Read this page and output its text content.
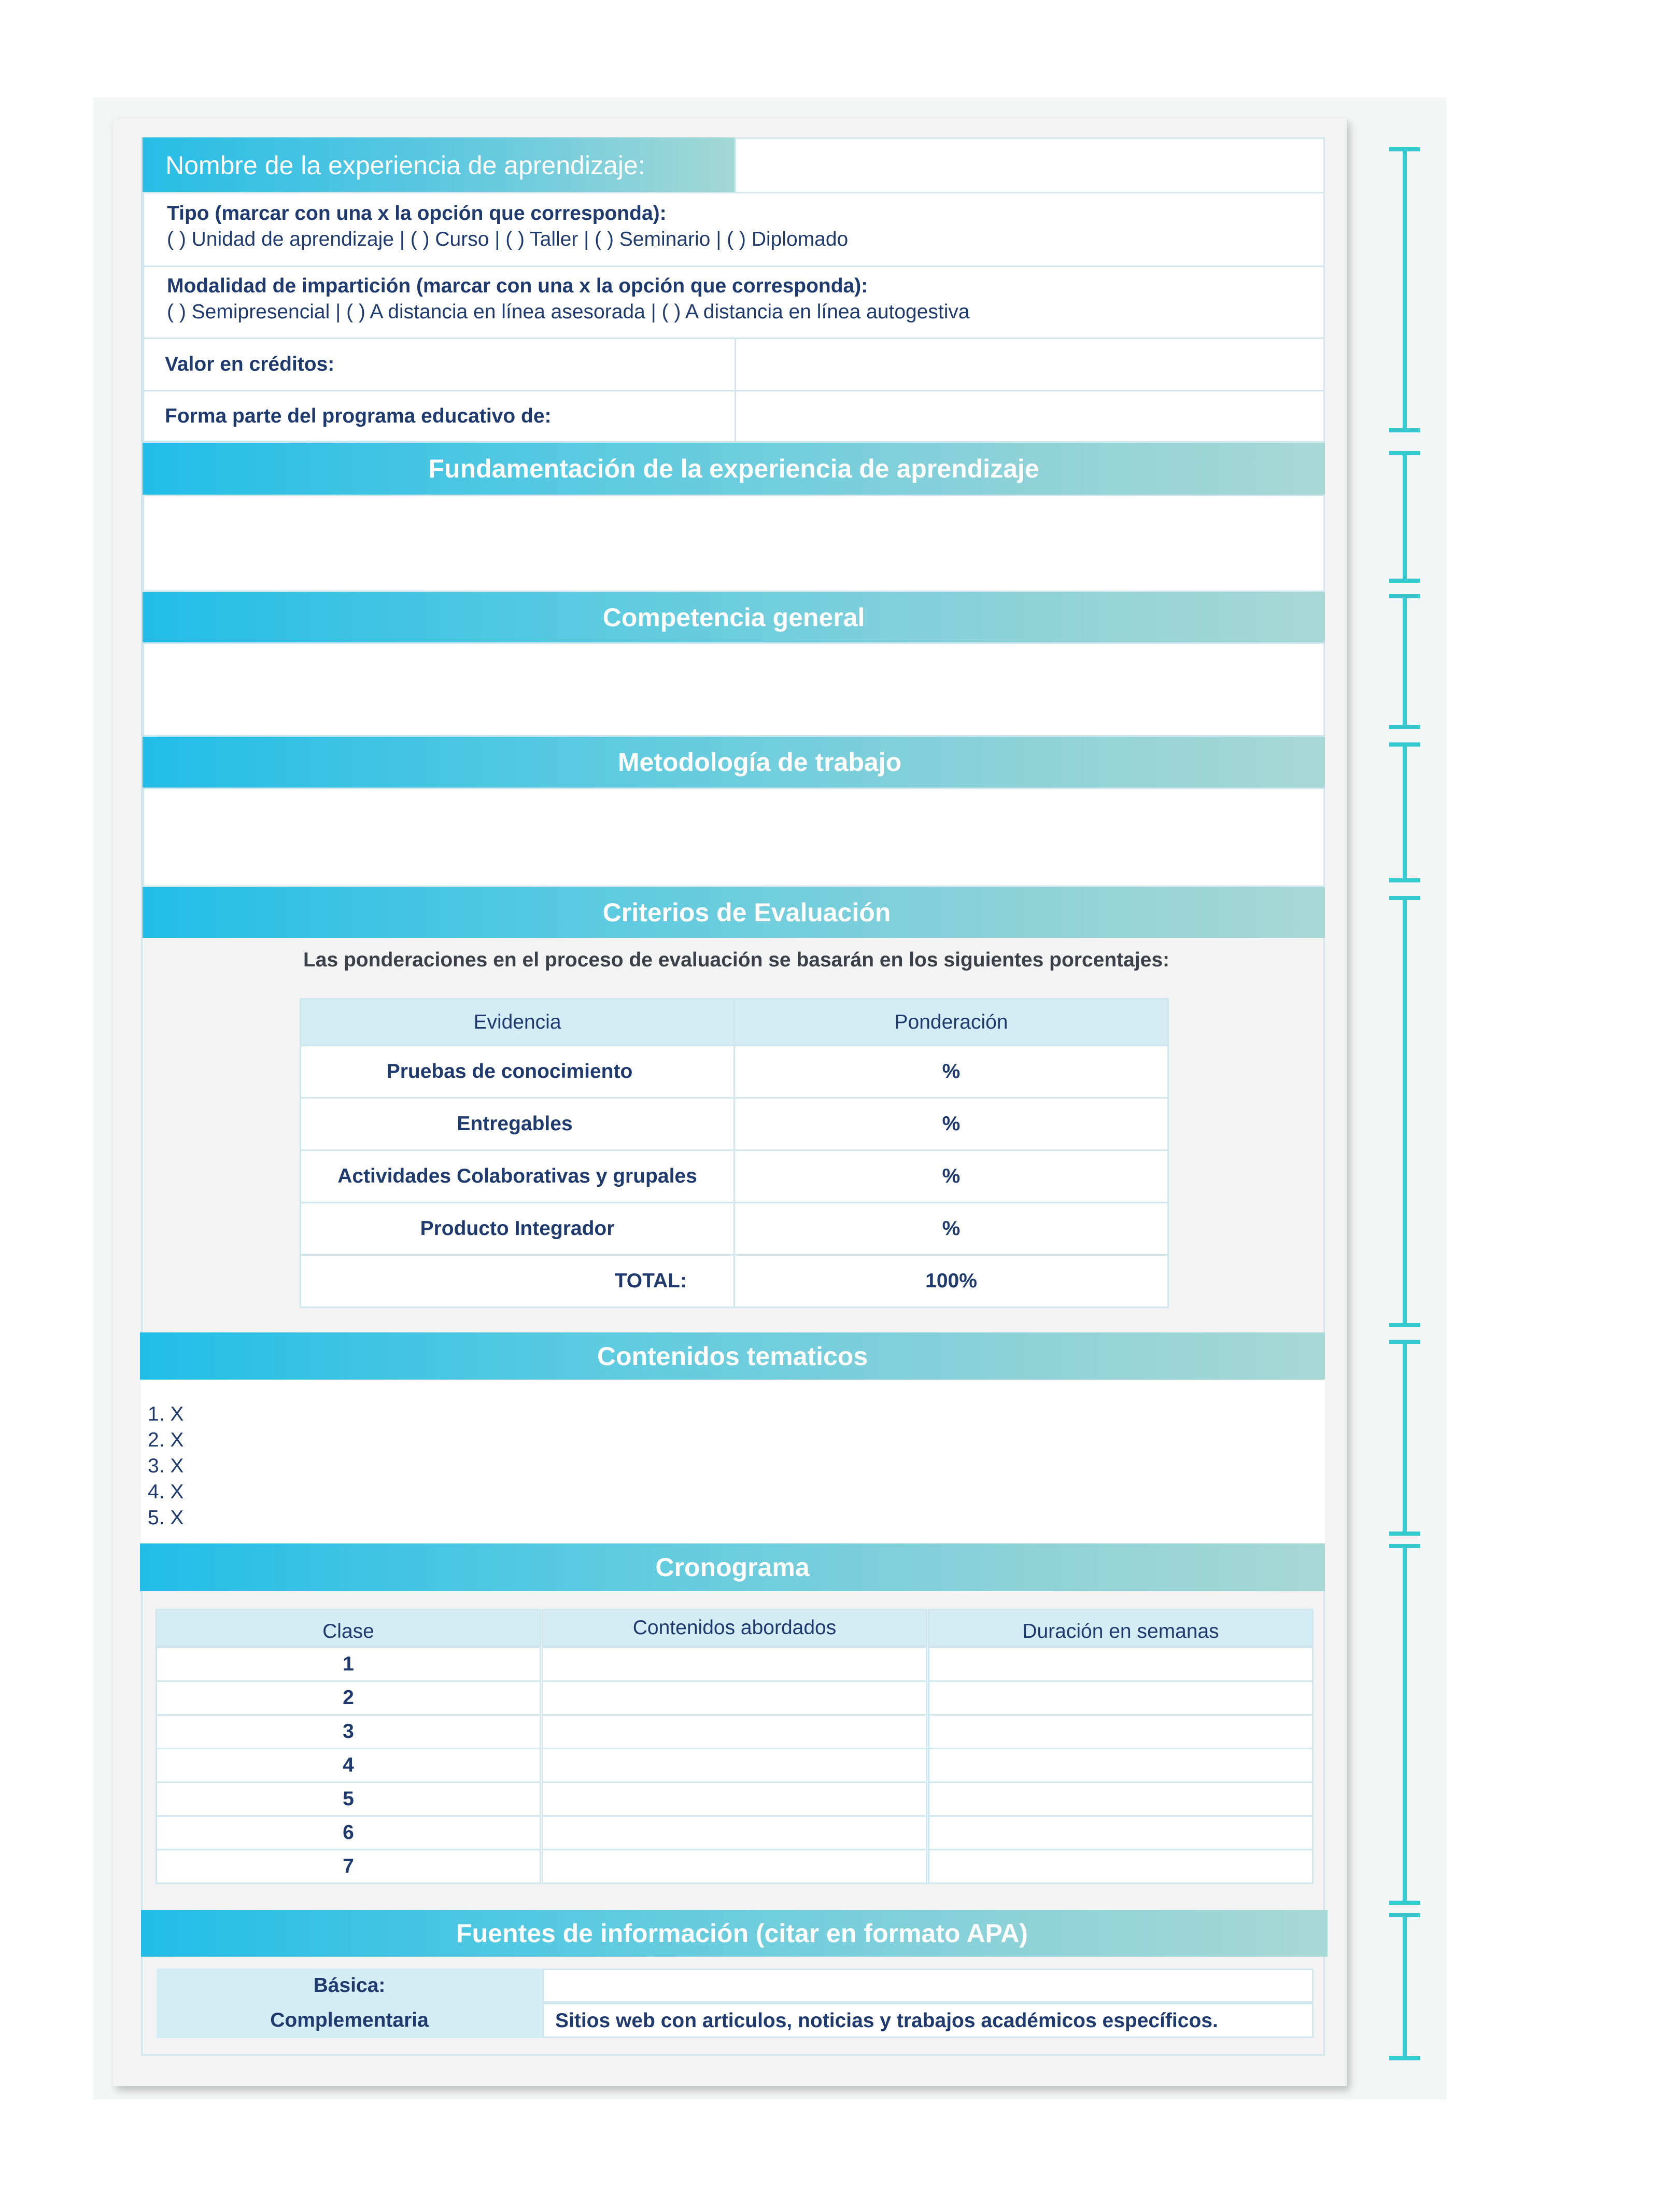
Nombre de la experiencia de aprendizaje:
Tipo (marcar con una x la opción que corresponda):
( ) Unidad de aprendizaje | ( ) Curso | ( ) Taller | ( ) Seminario | ( ) Diplomado
Modalidad de impartición (marcar con una x la opción que corresponda):
( ) Semipresencial | ( ) A distancia en línea asesorada | ( ) A distancia en línea autogestiva
Valor en créditos:
Forma parte del programa educativo de:
Fundamentación de la experiencia de aprendizaje
Competencia general
Metodología de trabajo
Criterios de Evaluación
Las ponderaciones en el proceso de evaluación se basarán en los siguientes porcentajes:
Evidencia	Ponderación
Pruebas de conocimiento	%
Entregables	%
Actividades Colaborativas y grupales	%
Producto Integrador	%
TOTAL:	100%
Contenidos tematicos
1. X
2. X
3. X
4. X
5. X
Cronograma
Clase	Contenidos abordados	Duración en semanas
1
2
3
4
5
6
7
Fuentes de información (citar en formato APA)
Básica:
Complementaria	Sitios web con articulos, noticias y trabajos académicos específicos.
